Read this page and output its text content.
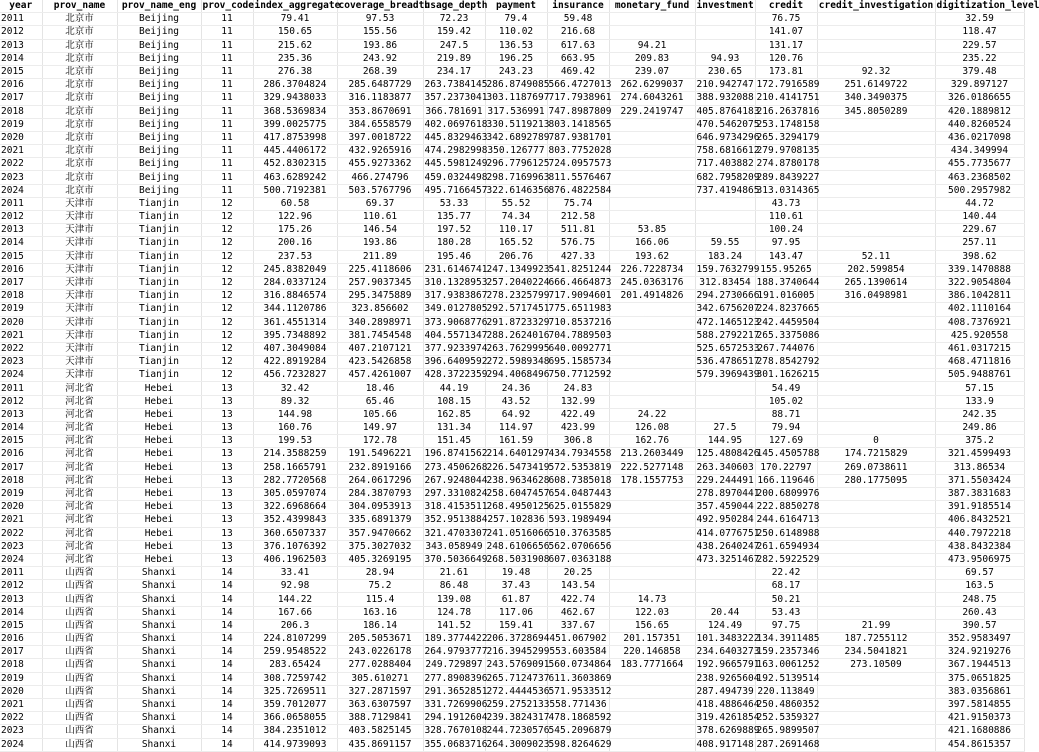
year	prov_name	prov_name_eng	prov_code	index_aggregate	coverage_breadth	usage_depth	payment	insurance	monetary_fund	investment	credit	credit_investigation	digitization_level
2011	北京市	Beijing	11	79.41	97.53	72.23	79.4	59.48			76.75		32.59
2012	北京市	Beijing	11	150.65	155.56	159.42	110.02	216.68			141.07		118.47
2013	北京市	Beijing	11	215.62	193.86	247.5	136.53	617.63	94.21		131.17		229.57
2014	北京市	Beijing	11	235.36	243.92	219.89	196.25	663.95	209.83	94.93	120.76		235.22
2015	北京市	Beijing	11	276.38	268.39	234.17	243.23	469.42	239.07	230.65	173.81	92.32	379.48
2016	北京市	Beijing	11	286.3704824	285.6487729	263.7384145	286.8749085	566.4727013	262.6299037	210.942747	172.7916589	251.6149722	329.897127
2017	北京市	Beijing	11	329.9438033	316.1183877	357.2373041	303.1187697	717.7938961	274.6043261	388.932088	210.4141751	340.3490375	326.0186655
2018	北京市	Beijing	11	368.5369834	353.8670691	366.781691	317.536991	747.8987809	229.2419747	405.8764183	216.2637816	345.8050289	420.1889812
2019	北京市	Beijing	11	399.0025775	384.6558579	402.0697618	330.5119213	803.1418565		470.5462075	253.1748158		440.8260524
2020	北京市	Beijing	11	417.8753998	397.0018722	445.8329463	342.6892789	787.9381701		646.9734296	265.3294179		436.0217098
2021	北京市	Beijing	11	445.4406172	432.9265916	474.2982998	350.126777	803.7752028		758.6816612	279.9708135		434.349994
2022	北京市	Beijing	11	452.8302315	455.9273362	445.5981249	296.7796125	724.0957573		717.403882	274.8780178		455.7735677
2023	北京市	Beijing	11	463.6289242	466.274796	459.0324498	298.7169963	811.5576467		682.7958209	289.8439227		463.2368502
2024	北京市	Beijing	11	500.7192381	503.5767796	495.7166457	322.6146356	876.4822584		737.4194865	313.0314365		500.2957982
2011	天津市	Tianjin	12	60.58	69.37	53.33	55.52	75.74			43.73		44.72
2012	天津市	Tianjin	12	122.96	110.61	135.77	74.34	212.58			110.61		140.44
2013	天津市	Tianjin	12	175.26	146.54	197.52	110.17	511.81	53.85		100.24		229.67
2014	天津市	Tianjin	12	200.16	193.86	180.28	165.52	576.75	166.06	59.55	97.95		257.11
2015	天津市	Tianjin	12	237.53	211.89	195.46	206.76	427.33	193.62	183.24	143.47	52.11	398.62
2016	天津市	Tianjin	12	245.8382049	225.4118606	231.6146741	247.1349923	541.8251244	226.7228734	159.7632799	155.95265	202.599854	339.1470888
2017	天津市	Tianjin	12	284.0337124	257.9037345	310.1328953	257.2040224	666.4664873	245.0363176	312.83454	188.3740644	265.1390614	322.9054804
2018	天津市	Tianjin	12	316.8846574	295.3475889	317.9383867	278.2325799	717.9094601	201.4914826	294.2730666	191.016005	316.0498981	386.1042811
2019	天津市	Tianjin	12	344.1120786	323.856602	349.0127805	292.5717451	775.6511983		342.6756207	224.8237665		402.1110164
2020	天津市	Tianjin	12	361.4551314	340.2898971	373.9068776	291.8723329	710.8537216		472.1465123	242.4459504		408.7376921
2021	天津市	Tianjin	12	395.7348892	381.7454548	404.5571347	288.2624016	704.7889503		588.2792217	265.3375086		425.920558
2022	天津市	Tianjin	12	407.3049084	407.2107121	377.9233974	263.7629995	640.0092771		525.6572533	267.744076		461.0317215
2023	天津市	Tianjin	12	422.8919284	423.5426858	396.6409592	272.5989348	695.1585734		536.4786517	278.8542792		468.4711816
2024	天津市	Tianjin	12	456.7232827	457.4261007	428.3722359	294.4068496	750.7712592		579.3969439	301.1626215		505.9488761
2011	河北省	Hebei	13	32.42	18.46	44.19	24.36	24.83			54.49		57.15
2012	河北省	Hebei	13	89.32	65.46	108.15	43.52	132.99			105.02		133.9
2013	河北省	Hebei	13	144.98	105.66	162.85	64.92	422.49	24.22		88.71		242.35
2014	河北省	Hebei	13	160.76	149.97	131.34	114.97	423.99	126.08	27.5	79.94		249.86
2015	河北省	Hebei	13	199.53	172.78	151.45	161.59	306.8	162.76	144.95	127.69	0	375.2
2016	河北省	Hebei	13	214.3588259	191.5496221	196.8741562	214.6401297	434.7934558	213.2603449	125.4808426	145.4505788	174.7215829	321.4599493
2017	河北省	Hebei	13	258.1665791	232.8919166	273.4506268	226.5473419	572.5353819	222.5277148	263.340603	170.22797	269.0738611	313.86534
2018	河北省	Hebei	13	282.7720568	264.0617296	267.9248044	238.9634628	608.7385018	178.1557753	229.244491	166.119646	280.1775095	371.5503424
2019	河北省	Hebei	13	305.0597074	284.3870793	297.3310824	258.6047457	654.0487443		278.8970441	200.6809976		387.3831683
2020	河北省	Hebei	13	322.6968664	304.0953913	318.4153511	268.4950125	625.0155829		357.459044	222.8850278		391.9185514
2021	河北省	Hebei	13	352.4399843	335.6891379	352.9513884	257.102836	593.1989494		492.950284	244.6164713		406.8432521
2022	河北省	Hebei	13	360.6507337	357.9470662	321.4703307	241.0516066	510.3763585		414.0776751	250.6148988		440.7972218
2023	河北省	Hebei	13	376.1076392	375.3027032	343.058949	248.6106656	562.0706656		438.2640247	261.6594934		438.8432384
2024	河北省	Hebei	13	406.1962503	405.3269195	370.5036649	268.5031908	607.0363188		473.3251467	282.5922529		473.9506975
2011	山西省	Shanxi	14	33.41	28.94	21.61	19.48	20.25			22.42		69.57
2012	山西省	Shanxi	14	92.98	75.2	86.48	37.43	143.54			68.17		163.5
2013	山西省	Shanxi	14	144.22	115.4	139.08	61.87	422.74	14.73		50.21		248.75
2014	山西省	Shanxi	14	167.66	163.16	124.78	117.06	462.67	122.03	20.44	53.43		260.43
2015	山西省	Shanxi	14	206.3	186.14	141.52	159.41	337.67	156.65	124.49	97.75	21.99	390.57
2016	山西省	Shanxi	14	224.8107299	205.5053671	189.3774422	206.3728694	451.067902	201.157351	101.3483222	134.3911485	187.7255112	352.9583497
2017	山西省	Shanxi	14	259.9548522	243.0226178	264.9793777	216.3945299	553.603584	220.146858	234.6403273	159.2357346	234.5041821	324.9219276
2018	山西省	Shanxi	14	283.65424	277.0288404	249.729897	243.5769091	560.0734864	183.7771664	192.9665791	163.0061252	273.10509	367.1944513
2019	山西省	Shanxi	14	308.7259742	305.610271	277.8908396	265.7124737	611.3603869		238.9265604	192.5139514		375.0651825
2020	山西省	Shanxi	14	325.7269511	327.2871597	291.3652851	272.4444536	571.9533512		287.494739	220.113849		383.0356861
2021	山西省	Shanxi	14	359.7012077	363.6307597	331.7269906	259.2752133	558.771436		418.4886464	250.4860352		397.5814855
2022	山西省	Shanxi	14	366.0658055	388.7129841	294.1912604	239.3824317	478.1868592		319.4261854	252.5359327		421.9150373
2023	山西省	Shanxi	14	384.2351012	403.5825145	328.7670108	244.7230576	545.2096879		378.6269889	265.9899507		421.1680886
2024	山西省	Shanxi	14	414.9739093	435.8691157	355.0683716	264.3009023	598.8264629		408.917148	287.2691468		454.8615357
